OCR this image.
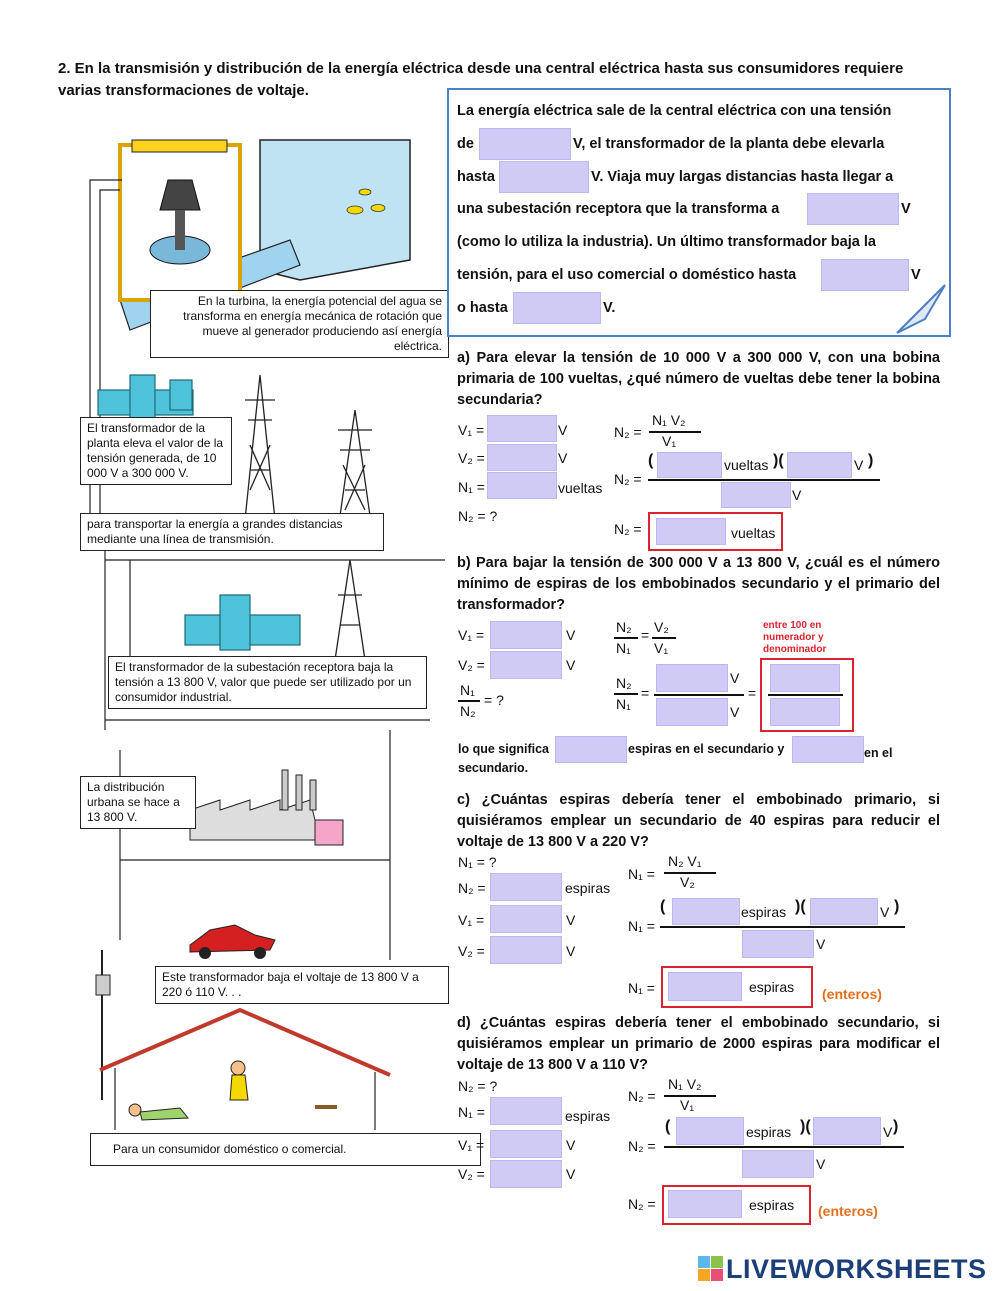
2. En la transmisión y distribución de la energía eléctrica desde una central eléctrica hasta sus consumidores requiere varias transformaciones de voltaje.
En la turbina, la energía potencial del agua se transforma en energía mecánica de rotación que mueve al generador produciendo así energía eléctrica.
El transformador de la planta eleva el valor de la tensión generada, de 10 000 V a 300 000 V.
para transportar la energía a grandes distancias mediante una línea de transmisión.
El transformador de la subestación receptora baja la tensión a 13 800 V, valor que puede ser utilizado por un consumidor industrial.
La distribución urbana se hace a 13 800 V.
Este transformador baja el voltaje de 13 800 V a 220 ó 110 V. . .
Para un consumidor doméstico o comercial.
La energía eléctrica sale de la central eléctrica con una tensión
de	V, el transformador de la planta debe elevarla
hasta	V. Viaja muy largas distancias hasta llegar a
una subestación receptora que la transforma a	V
(como lo utiliza la industria). Un último transformador baja la
tensión, para el uso comercial o doméstico hasta	V
o hasta	V.
a) Para elevar la tensión de 10 000 V a 300 000 V, con una bobina primaria de 100 vueltas, ¿qué número de vueltas debe tener la bobina secundaria?
V₁ =	V
V₂ =	V
N₁ =	vueltas
N₂ = ?
N₂ =
N₁ V₂
V₁
N₂ =
(	vueltas )(	V )
V
N₂ =	vueltas
b) Para bajar la tensión de 300 000 V a 13 800 V, ¿cuál es el número mínimo de espiras de los embobinados secundario y el primario del transformador?
V₁ =	V
V₂ =	V
N₁
N₂
= ?
N₂
N₁
= V₂
V₁
entre 100 en numerador y denominador
N₂
N₁
=
V
V
=
lo que significa	espiras en el secundario y	en el
secundario.
c) ¿Cuántas espiras debería tener el embobinado primario, si quisiéramos emplear un secundario de 40 espiras para reducir el voltaje de 13 800 V a 220 V?
N₁ = ?
N₂ =	espiras
V₁ =	V
V₂ =	V
N₁ =
N₂ V₁
V₂
N₁ =
(	espiras )(	V )
V
N₁ =	espiras (enteros)
d) ¿Cuántas espiras debería tener el embobinado secundario, si quisiéramos emplear un primario de 2000 espiras para modificar el voltaje de 13 800 V a 110 V?
N₂ = ?
N₁ =	espiras
V₁ =	V
V₂ =	V
N₂ =
N₁ V₂
V₁
N₂ =
(	espiras )(	V )
V
N₂ =	espiras (enteros)
LIVEWORKSHEETS
